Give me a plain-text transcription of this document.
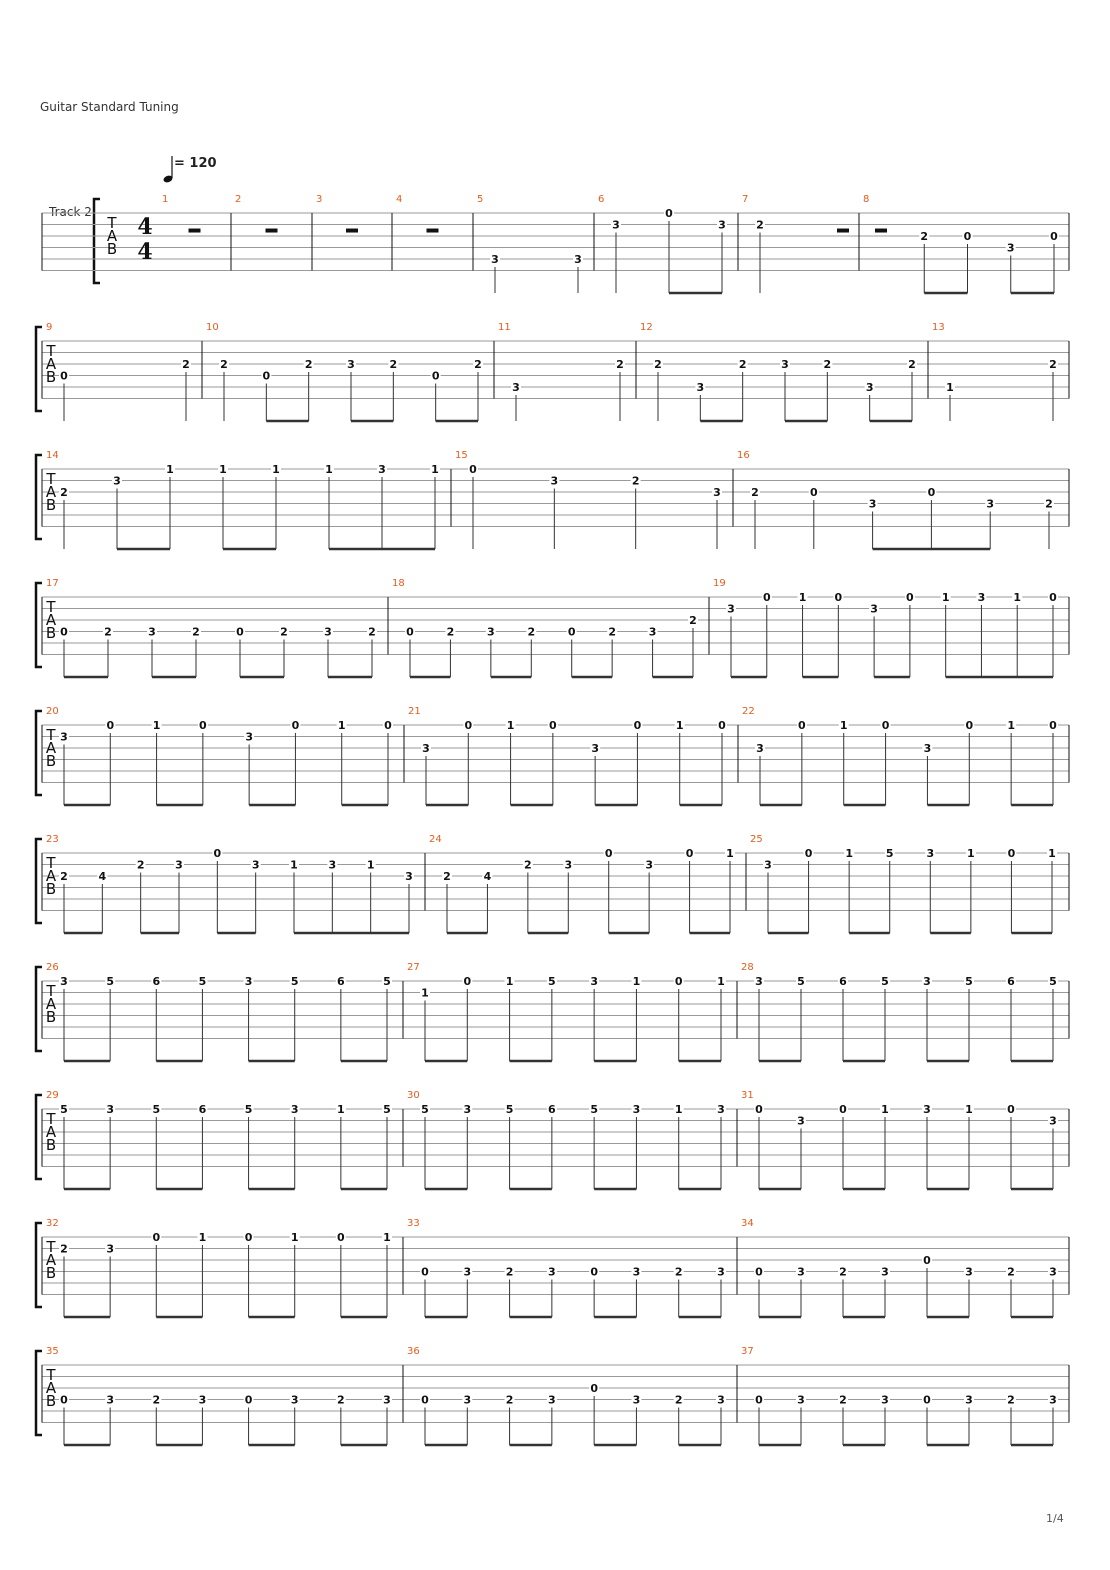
Guitar Standard Tuning
= 120
Track 2
T
A
B
4
4
1	2	3	4	5
3	3
6
3
0
3
7
2
8
2	0
3
0
T
A
B
9
0
2
10
2
0
2	3	2
0
2
11
3
2
12
2
3
2	3	2
3
2
13
1
2
T
A
B
14
2
3
1	1	1	1	3	1
15
0
3	2
3
16
2	0
3
0
3	2
T
A
B
17
0	2	3	2	0	2	3	2
18
0	2	3	2	0	2	3
2
19
3
0	1	0
3
0	1	3	1	0
T
A
B
20
3
0	1	0
3
0	1	0
21
3
0	1	0
3
0	1	0
22
3
0	1	0
3
0	1	0
T
A
B
23
2	4
2	3
0
3	1	3	1
3
24
2	4
2	3
0
3
0	1
25
3
0	1	5	3	1	0	1
T
A
B
26
3	5	6	5	3	5	6	5
27
1
0	1	5	3	1	0	1
28
3	5	6	5	3	5	6	5
T
A
B
29
5	3	5	6	5	3	1	5
30
5	3	5	6	5	3	1	3
31
0
3
0	1	3	1	0
3
T
A
B
32
2	3
0	1	0	1	0	1
33
0	3	2	3	0	3	2	3
34
0	3	2	3
0
3	2	3
T
A
B
35
0	3	2	3	0	3	2	3
36
0	3	2	3
0
3	2	3
37
0	3	2	3	0	3	2	3
1/4
